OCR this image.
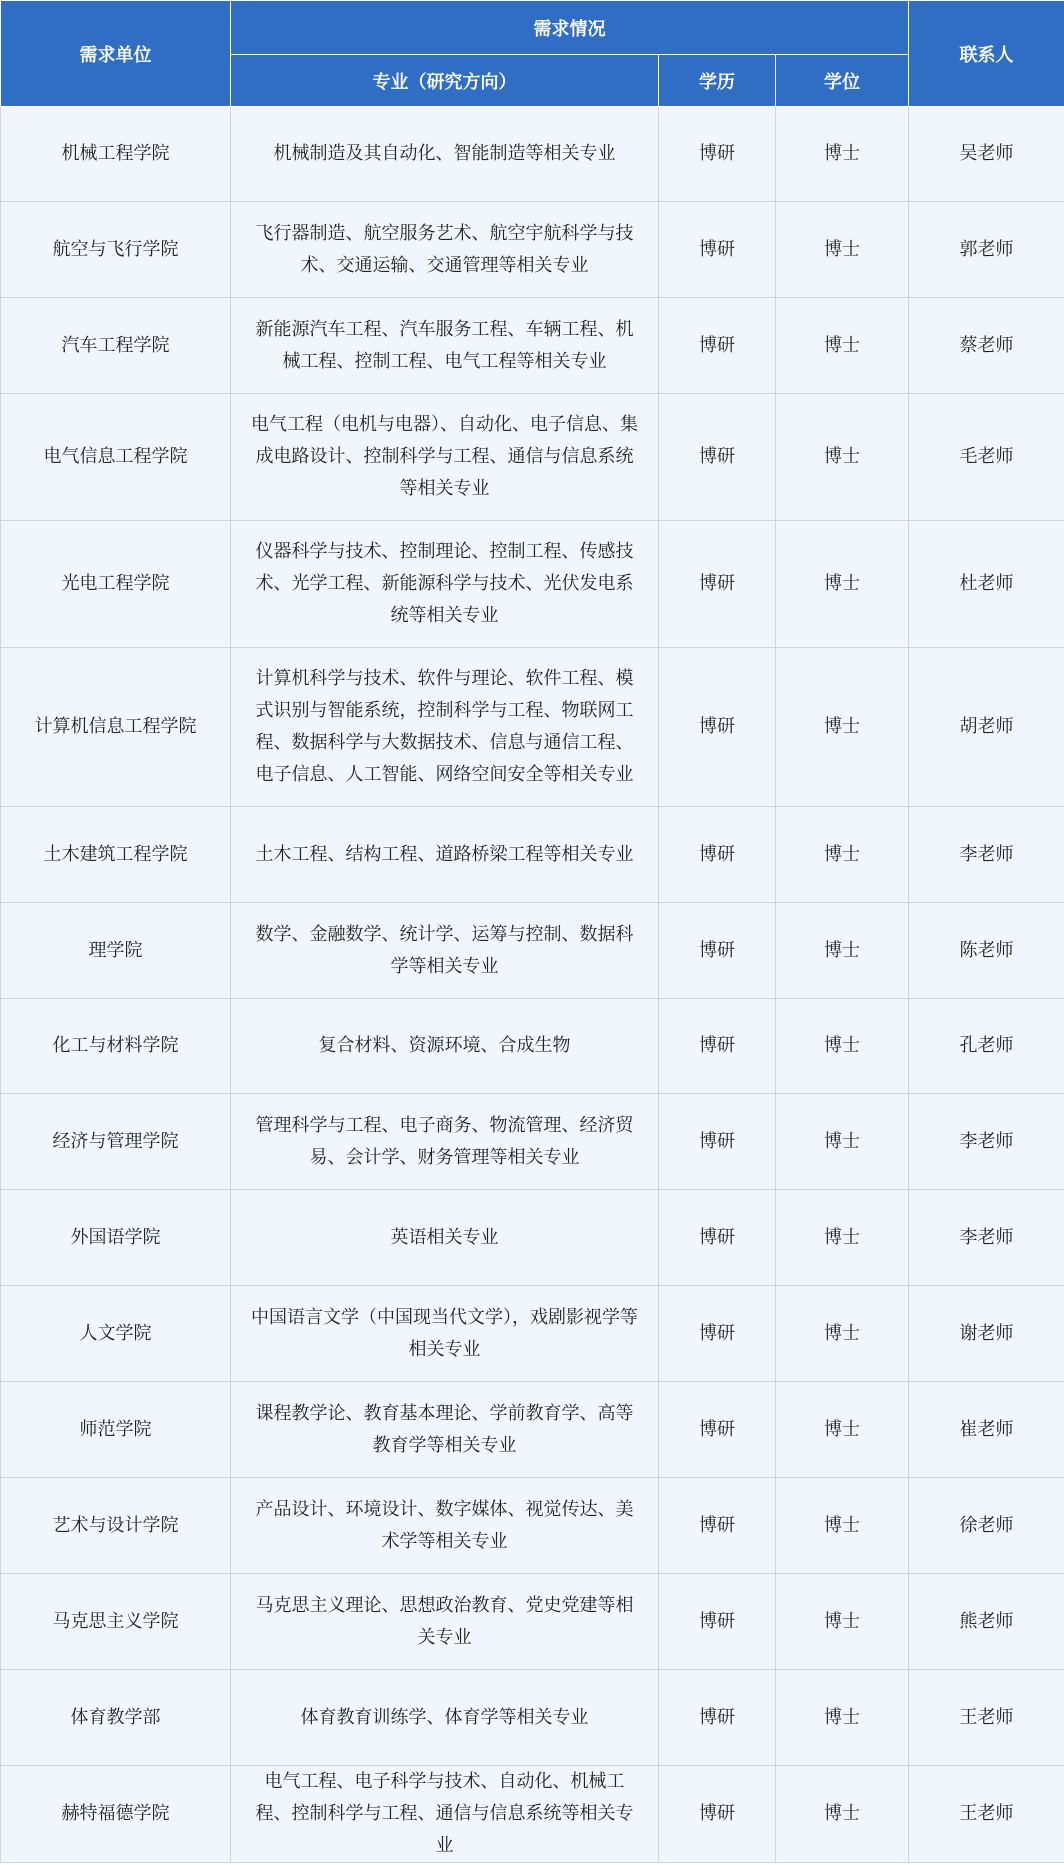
需求单位	需求情况			联系人
	专业（研究方向）	学历	学位	
机械工程学院	机械制造及其自动化、智能制造等相关专业	博研	博士	吴老师
航空与飞行学院	飞行器制造、航空服务艺术、航空宇航科学与技术、交通运输、交通管理等相关专业	博研	博士	郭老师
汽车工程学院	新能源汽车工程、汽车服务工程、车辆工程、机械工程、控制工程、电气工程等相关专业	博研	博士	蔡老师
电气信息工程学院	电气工程（电机与电器）、自动化、电子信息、集成电路设计、控制科学与工程、通信与信息系统等相关专业	博研	博士	毛老师
光电工程学院	仪器科学与技术、控制理论、控制工程、传感技术、光学工程、新能源科学与技术、光伏发电系统等相关专业	博研	博士	杜老师
计算机信息工程学院	计算机科学与技术、软件与理论、软件工程、模式识别与智能系统，控制科学与工程、物联网工程、数据科学与大数据技术、信息与通信工程、电子信息、人工智能、网络空间安全等相关专业	博研	博士	胡老师
土木建筑工程学院	土木工程、结构工程、道路桥梁工程等相关专业	博研	博士	李老师
理学院	数学、金融数学、统计学、运筹与控制、数据科学等相关专业	博研	博士	陈老师
化工与材料学院	复合材料、资源环境、合成生物	博研	博士	孔老师
经济与管理学院	管理科学与工程、电子商务、物流管理、经济贸易、会计学、财务管理等相关专业	博研	博士	李老师
外国语学院	英语相关专业	博研	博士	李老师
人文学院	中国语言文学（中国现当代文学），戏剧影视学等相关专业	博研	博士	谢老师
师范学院	课程教学论、教育基本理论、学前教育学、高等教育学等相关专业	博研	博士	崔老师
艺术与设计学院	产品设计、环境设计、数字媒体、视觉传达、美术学等相关专业	博研	博士	徐老师
马克思主义学院	马克思主义理论、思想政治教育、党史党建等相关专业	博研	博士	熊老师
体育教学部	体育教育训练学、体育学等相关专业	博研	博士	王老师
赫特福德学院	电气工程、电子科学与技术、自动化、机械工程、控制科学与工程、通信与信息系统等相关专业	博研	博士	王老师
